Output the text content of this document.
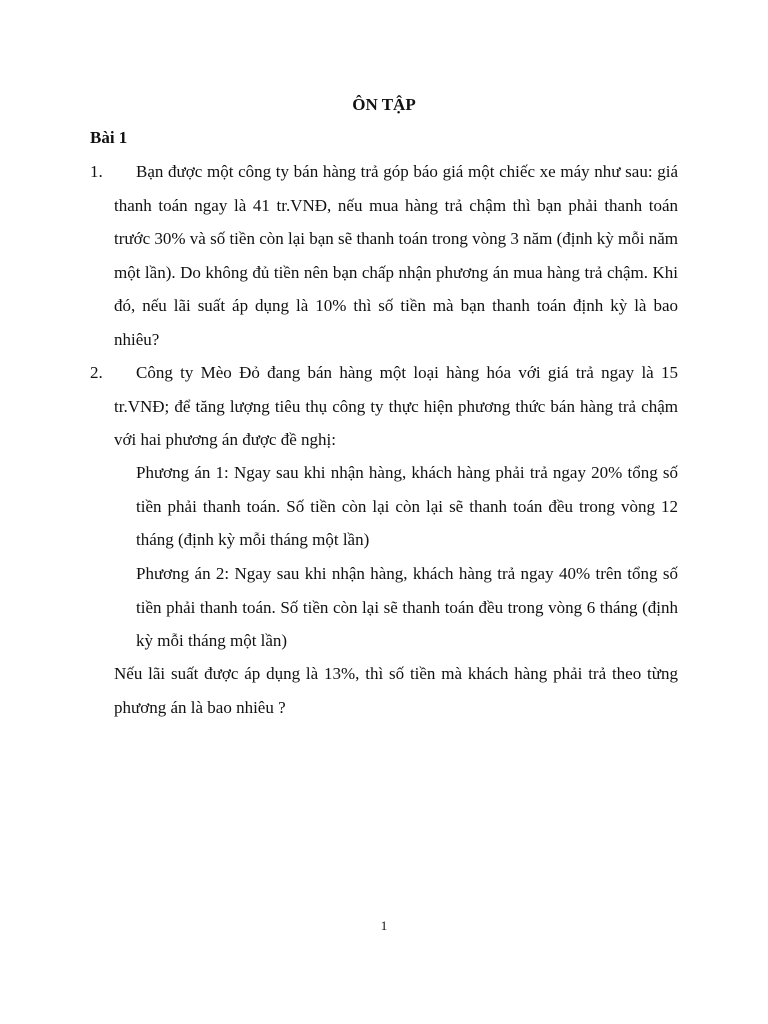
ÔN TẬP
Bài 1
1.	Bạn được một công ty bán hàng trả góp báo giá một chiếc xe máy như sau: giá thanh toán ngay là 41 tr.VNĐ, nếu mua hàng trả chậm thì bạn phải thanh toán trước 30% và số tiền còn lại bạn sẽ thanh toán trong vòng 3 năm (định kỳ mỗi năm một lần). Do không đủ tiền nên bạn chấp nhận phương án mua hàng trả chậm. Khi đó, nếu lãi suất áp dụng là 10% thì số tiền mà bạn thanh toán định kỳ là bao nhiêu?

2.	Công ty Mèo Đỏ đang bán hàng một loại hàng hóa với giá trả ngay là 15 tr.VNĐ; để tăng lượng tiêu thụ công ty thực hiện phương thức bán hàng trả chậm với hai phương án được đề nghị:

Phương án 1: Ngay sau khi nhận hàng, khách hàng phải trả ngay 20% tổng số tiền phải thanh toán. Số tiền còn lại còn lại sẽ thanh toán đều trong vòng 12 tháng (định kỳ mỗi tháng một lần)

Phương án 2: Ngay sau khi nhận hàng, khách hàng trả ngay 40% trên tổng số tiền phải thanh toán. Số tiền còn lại sẽ thanh toán đều trong vòng 6 tháng (định kỳ mỗi tháng một lần)

Nếu lãi suất được áp dụng là 13%, thì số tiền mà khách hàng phải trả theo từng phương án là bao nhiêu ?

1
